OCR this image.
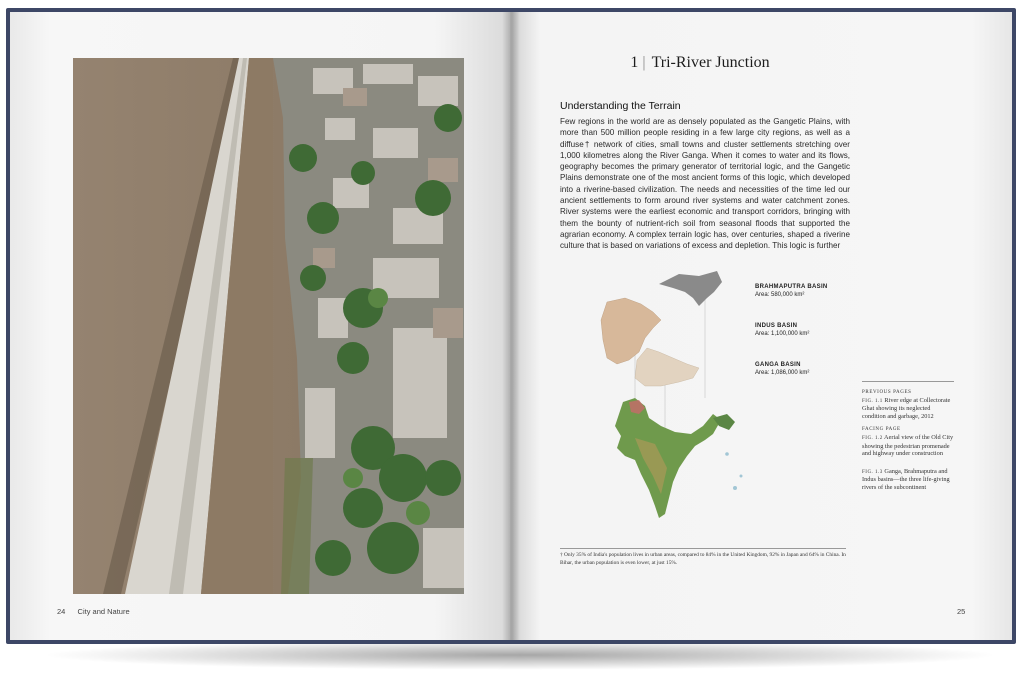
24 City and Nature
1 | Tri-River Junction
Understanding the Terrain

Few regions in the world are as densely populated as the Gangetic Plains, with more than 500 million people residing in a few large city regions, as well as a diffuse† network of cities, small towns and cluster settlements stretching over 1,000 kilometres along the River Ganga. When it comes to water and its flows, geography becomes the primary generator of territorial logic, and the Gangetic Plains demonstrate one of the most ancient forms of this logic, which developed into a riverine-based civilization. The needs and necessities of the time led our ancient settlements to form around river systems and water catchment zones. River systems were the earliest economic and transport corridors, bringing with them the bounty of nutrient-rich soil from seasonal floods that supported the agrarian economy. A complex terrain logic has, over centuries, shaped a riverine culture that is based on variations of excess and depletion. This logic is further

BRAHMAPUTRA BASIN
Area: 580,000 km²
INDUS BASIN
Area: 1,100,000 km²
GANGA BASIN
Area: 1,086,000 km²
PREVIOUS PAGES
FIG. 1.1 River edge at Collectorate Ghat showing its neglected condition and garbage, 2012
FACING PAGE
FIG. 1.2 Aerial view of the Old City showing the pedestrian promenade and highway under construction
FIG. 1.3 Ganga, Brahmaputra and Indus basins—the three life-giving rivers of the subcontinent
† Only 35% of India's population lives in urban areas, compared to 84% in the United Kingdom, 92% in Japan and 64% in China. In Bihar, the urban population is even lower, at just 15%.
25
